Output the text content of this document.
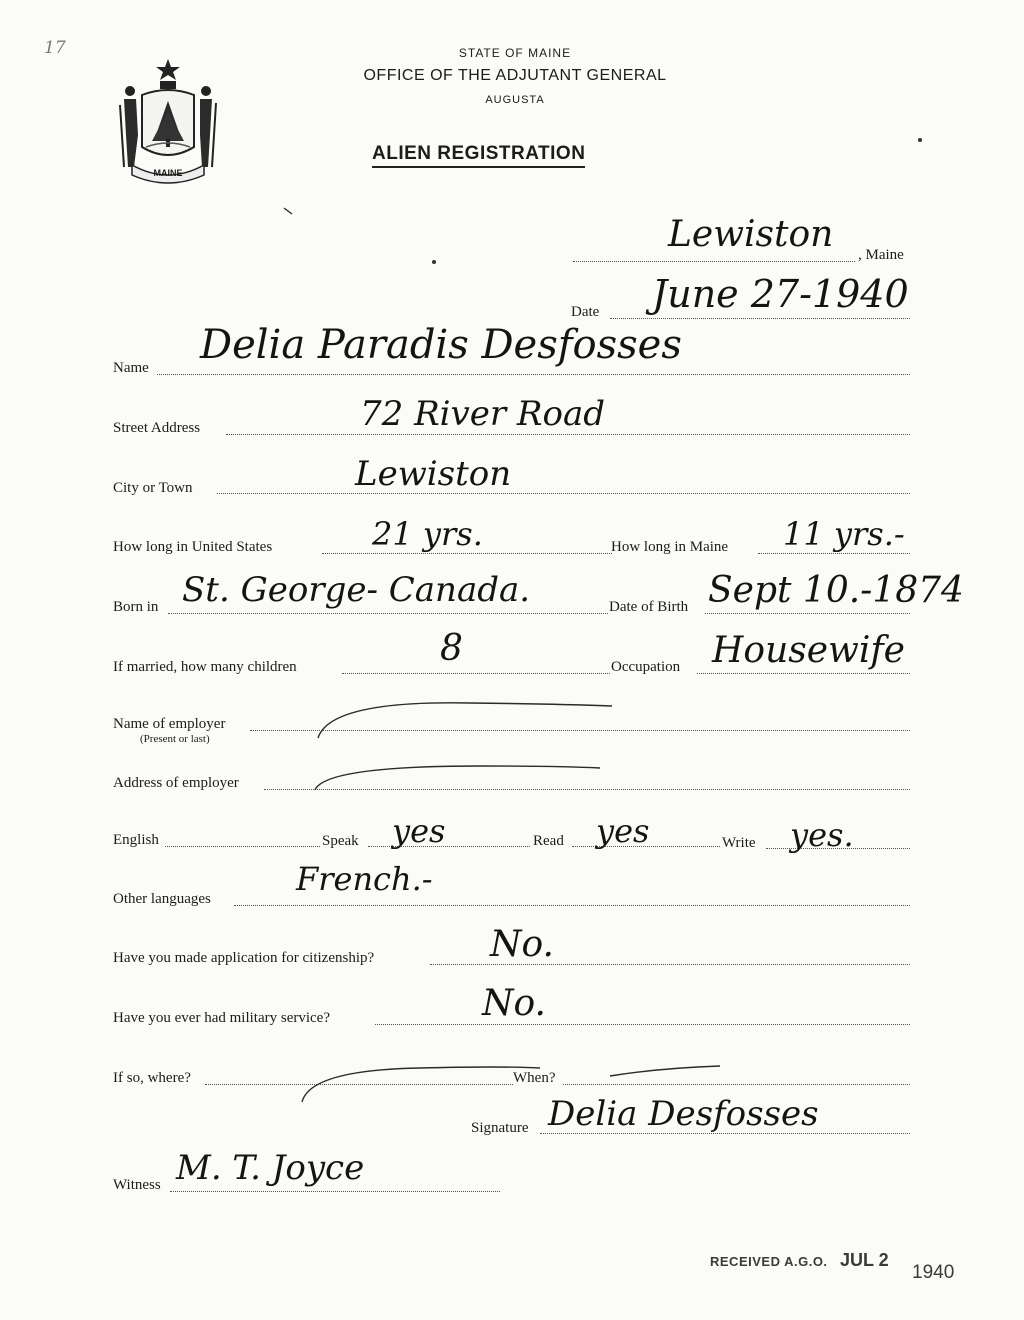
17
MAINE
STATE OF MAINE
OFFICE OF THE ADJUTANT GENERAL
AUGUSTA
ALIEN REGISTRATION
Lewiston , Maine
Date June 27-1940
Name Delia Paradis Desfosses
Street Address	72 River Road
City or Town	Lewiston
How long in United States	21 yrs.	How long in Maine 11 yrs.-
Born in St. George- Canada.	Date of Birth Sept 10.-1874
If married, how many children	8	Occupation Housewife
Name of employer
(Present or last)
Address of employer
English	Speak yes	Read yes	Write yes.
Other languages
French.-
Have you made application for citizenship?	No.
Have you ever had military service?	No.
If so, where?	When?
Signature Delia Desfosses
Witness M. T. Joyce
RECEIVED A.G.O. JUL 2
1940
